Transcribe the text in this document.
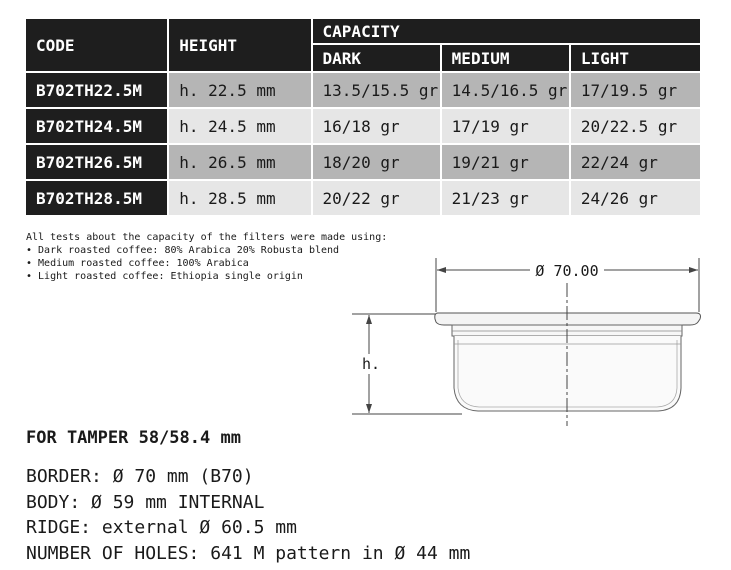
CODE	HEIGHT	CAPACITY		
		DARK	MEDIUM	LIGHT
B702TH22.5M	h. 22.5 mm	13.5/15.5 gr	14.5/16.5 gr	17/19.5 gr
B702TH24.5M	h. 24.5 mm	16/18 gr	17/19 gr	20/22.5 gr
B702TH26.5M	h. 26.5 mm	18/20 gr	19/21 gr	22/24 gr
B702TH28.5M	h. 28.5 mm	20/22 gr	21/23 gr	24/26 gr
All tests about the capacity of the filters were made using:
• Dark roasted coffee: 80% Arabica 20% Robusta blend
• Medium roasted coffee: 100% Arabica
• Light roasted coffee: Ethiopia single origin	Ø 70.00
h.
FOR TAMPER 58/58.4 mm
BORDER: Ø 70 mm (B70)
BODY: Ø 59 mm INTERNAL
RIDGE: external Ø 60.5 mm
NUMBER OF HOLES: 641 M pattern in Ø 44 mm
